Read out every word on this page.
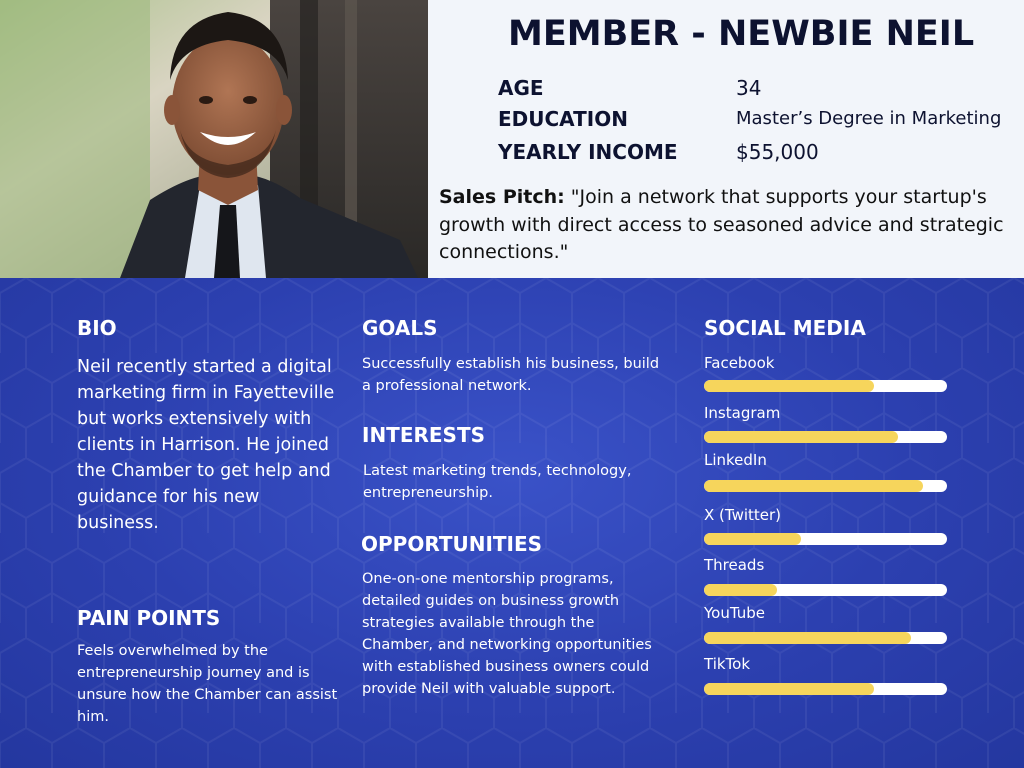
MEMBER - NEWBIE NEIL
AGE	34
EDUCATION	Master’s Degree in Marketing
YEARLY INCOME	$55,000
Sales Pitch: "Join a network that supports your startup's growth with direct access to seasoned advice and strategic connections."
BIO
Neil recently started a digital marketing firm in Fayetteville but works extensively with clients in Harrison. He joined the Chamber to get help and guidance for his new business.
PAIN POINTS
Feels overwhelmed by the entrepreneurship journey and is unsure how the Chamber can assist him.
GOALS
Successfully establish his business, build a professional network.
INTERESTS
Latest marketing trends, technology, entrepreneurship.
OPPORTUNITIES
One-on-one mentorship programs, detailed guides on business growth strategies available through the Chamber, and networking opportunities with established business owners could provide Neil with valuable support.
SOCIAL MEDIA
Facebook
Instagram
LinkedIn
X (Twitter)
Threads
YouTube
TikTok
